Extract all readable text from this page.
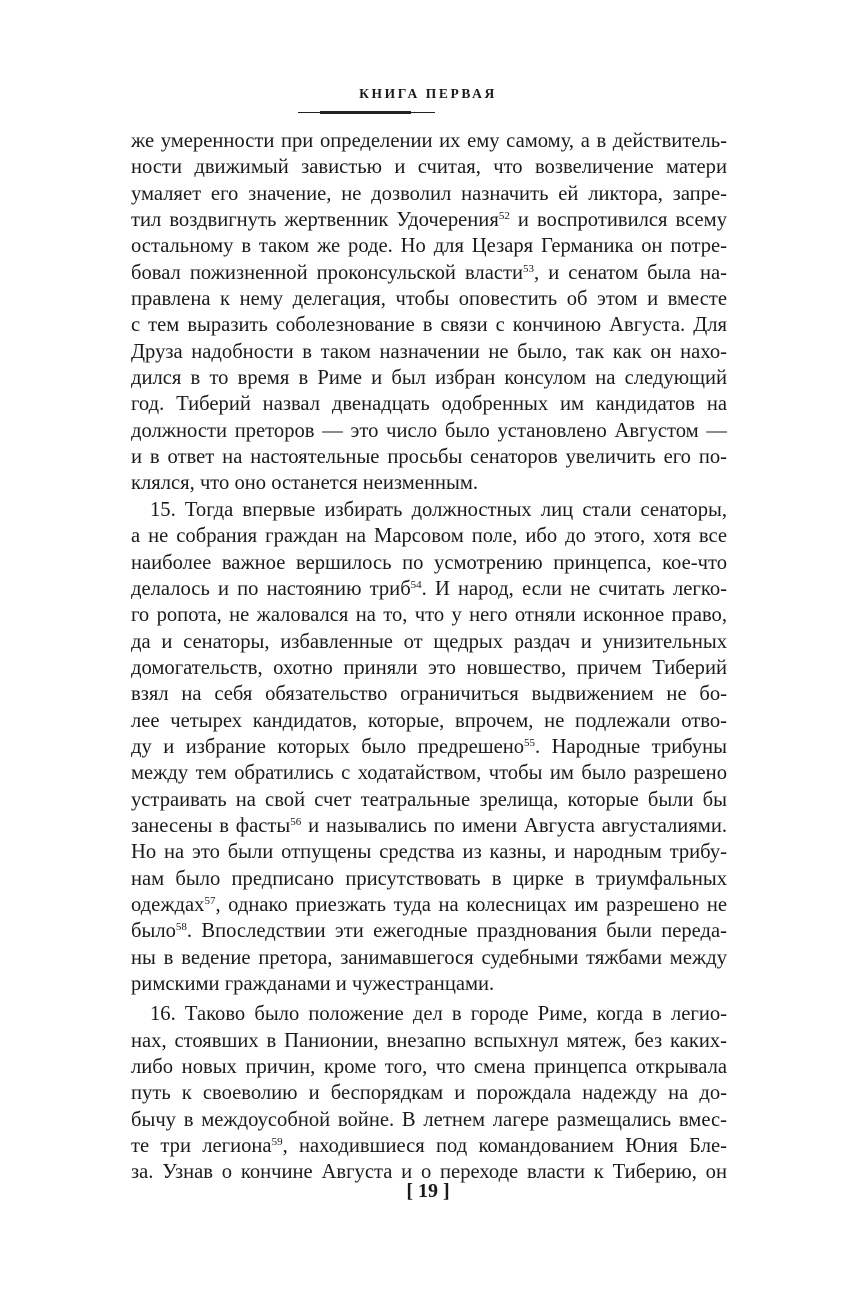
КНИГА ПЕРВАЯ
же умеренности при определении их ему самому, а в действитель-
ности движимый завистью и считая, что возвеличение матери
умаляет его значение, не дозволил назначить ей ликтора, запре-
тил воздвигнуть жертвенник Удочерения$^{52}$ и воспротивился всему
остальному в таком же роде. Но для Цезаря Германика он потре-
бовал пожизненной проконсульской власти$^{53}$, и сенатом была на-
правлена к нему делегация, чтобы оповестить об этом и вместе
с тем выразить соболезнование в связи с кончиною Августа. Для
Друза надобности в таком назначении не было, так как он нахо-
дился в то время в Риме и был избран консулом на следующий
год. Тиберий назвал двенадцать одобренных им кандидатов на
должности преторов — это число было установлено Августом —
и в ответ на настоятельные просьбы сенаторов увеличить его по-
клялся, что оно останется неизменным.
15. Тогда впервые избирать должностных лиц стали сенаторы,
а не собрания граждан на Марсовом поле, ибо до этого, хотя все
наиболее важное вершилось по усмотрению принцепса, кое-что
делалось и по настоянию триб$^{54}$. И народ, если не считать легко-
го ропота, не жаловался на то, что у него отняли исконное право,
да и сенаторы, избавленные от щедрых раздач и унизительных
домогательств, охотно приняли это новшество, причем Тиберий
взял на себя обязательство ограничиться выдвижением не бо-
лее четырех кандидатов, которые, впрочем, не подлежали отво-
ду и избрание которых было предрешено$^{55}$. Народные трибуны
между тем обратились с ходатайством, чтобы им было разрешено
устраивать на свой счет театральные зрелища, которые были бы
занесены в фасты$^{56}$ и назывались по имени Августа августалиями.
Но на это были отпущены средства из казны, и народным трибу-
нам было предписано присутствовать в цирке в триумфальных
одеждах$^{57}$, однако приезжать туда на колесницах им разрешено не
было$^{58}$. Впоследствии эти ежегодные празднования были переда-
ны в ведение претора, занимавшегося судебными тяжбами между
римскими гражданами и чужестранцами.
16. Таково было положение дел в городе Риме, когда в легио-
нах, стоявших в Панионии, внезапно вспыхнул мятеж, без каких-
либо новых причин, кроме того, что смена принцепса открывала
путь к своеволию и беспорядкам и порождала надежду на до-
бычу в междоусобной войне. В летнем лагере размещались вмес-
те три легиона$^{59}$, находившиеся под командованием Юния Бле-
за. Узнав о кончине Августа и о переходе власти к Тиберию, он
[ 19 ]
